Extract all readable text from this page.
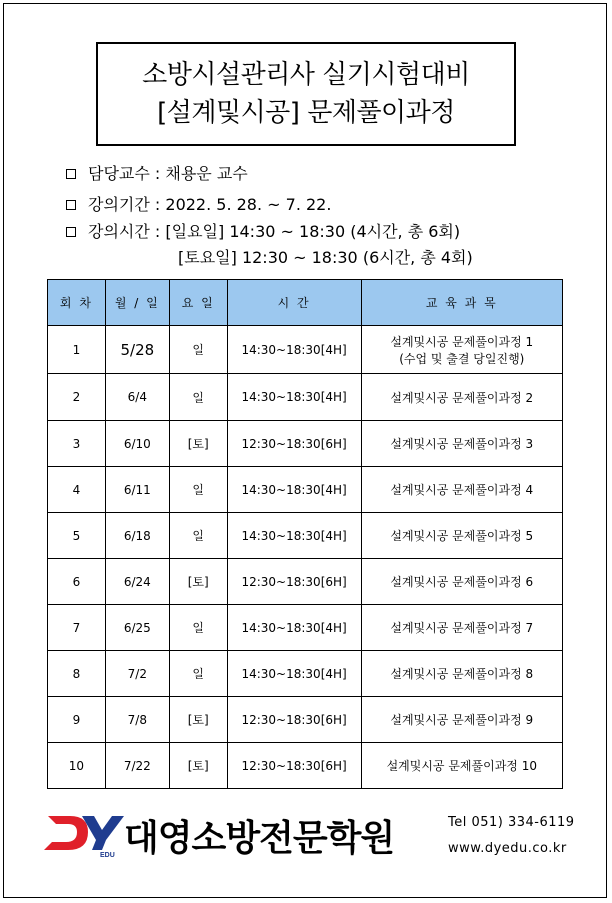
소방시설관리사 실기시험대비
[설계및시공] 문제풀이과정
담당교수 : 채용운 교수
강의기간 : 2022. 5. 28. ~ 7. 22.
강의시간 : [일요일] 14:30 ~ 18:30 (4시간, 총 6회)
[토요일] 12:30 ~ 18:30 (6시간, 총 4회)
회 차	월 / 일	요 일	시 간	교 육 과 목
1	5/28	일	14:30~18:30[4H]	설계및시공 문제풀이과정 1
(수업 및 출결 당일진행)

2	6/4	일	14:30~18:30[4H]	설계및시공 문제풀이과정 2
3	6/10	[토]	12:30~18:30[6H]	설계및시공 문제풀이과정 3
4	6/11	일	14:30~18:30[4H]	설계및시공 문제풀이과정 4
5	6/18	일	14:30~18:30[4H]	설계및시공 문제풀이과정 5
6	6/24	[토]	12:30~18:30[6H]	설계및시공 문제풀이과정 6
7	6/25	일	14:30~18:30[4H]	설계및시공 문제풀이과정 7
8	7/2	일	14:30~18:30[4H]	설계및시공 문제풀이과정 8
9	7/8	[토]	12:30~18:30[6H]	설계및시공 문제풀이과정 9
10	7/22	[토]	12:30~18:30[6H]	설계및시공 문제풀이과정 10
EDU 대영소방전문학원	Tel 051) 334-6119
www.dyedu.co.kr
